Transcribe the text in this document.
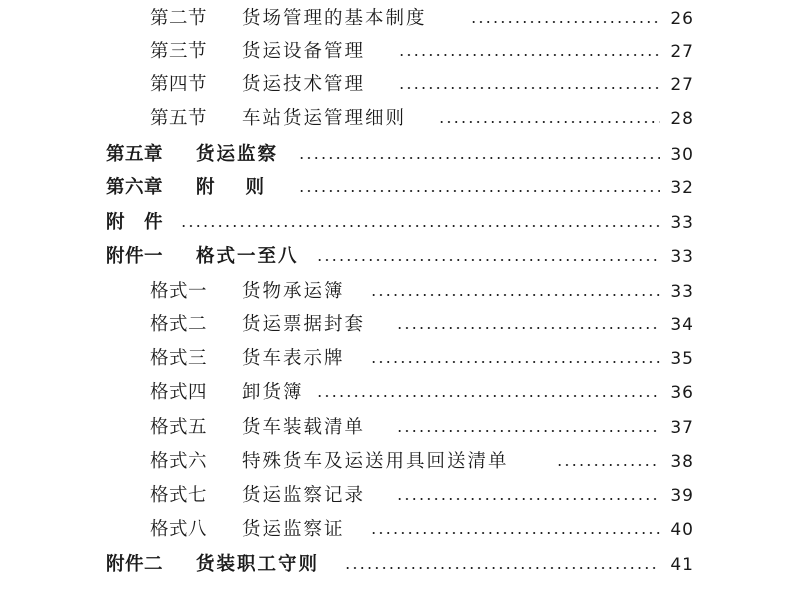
第二节 货场管理的基本制度	26
第三节 货运设备管理	27
第四节 货运技术管理	27
第五节 车站货运管理细则	28
第五章 货运监察	30
第六章 附　 则	32
附　件	33
附件一 格式一至八	33
格式一 货物承运簿	33
格式二 货运票据封套	34
格式三 货车表示牌	35
格式四 卸货簿	36
格式五 货车装载清单	37
格式六 特殊货车及运送用具回送清单	38
格式七 货运监察记录	39
格式八 货运监察证	40
附件二 货装职工守则	41
